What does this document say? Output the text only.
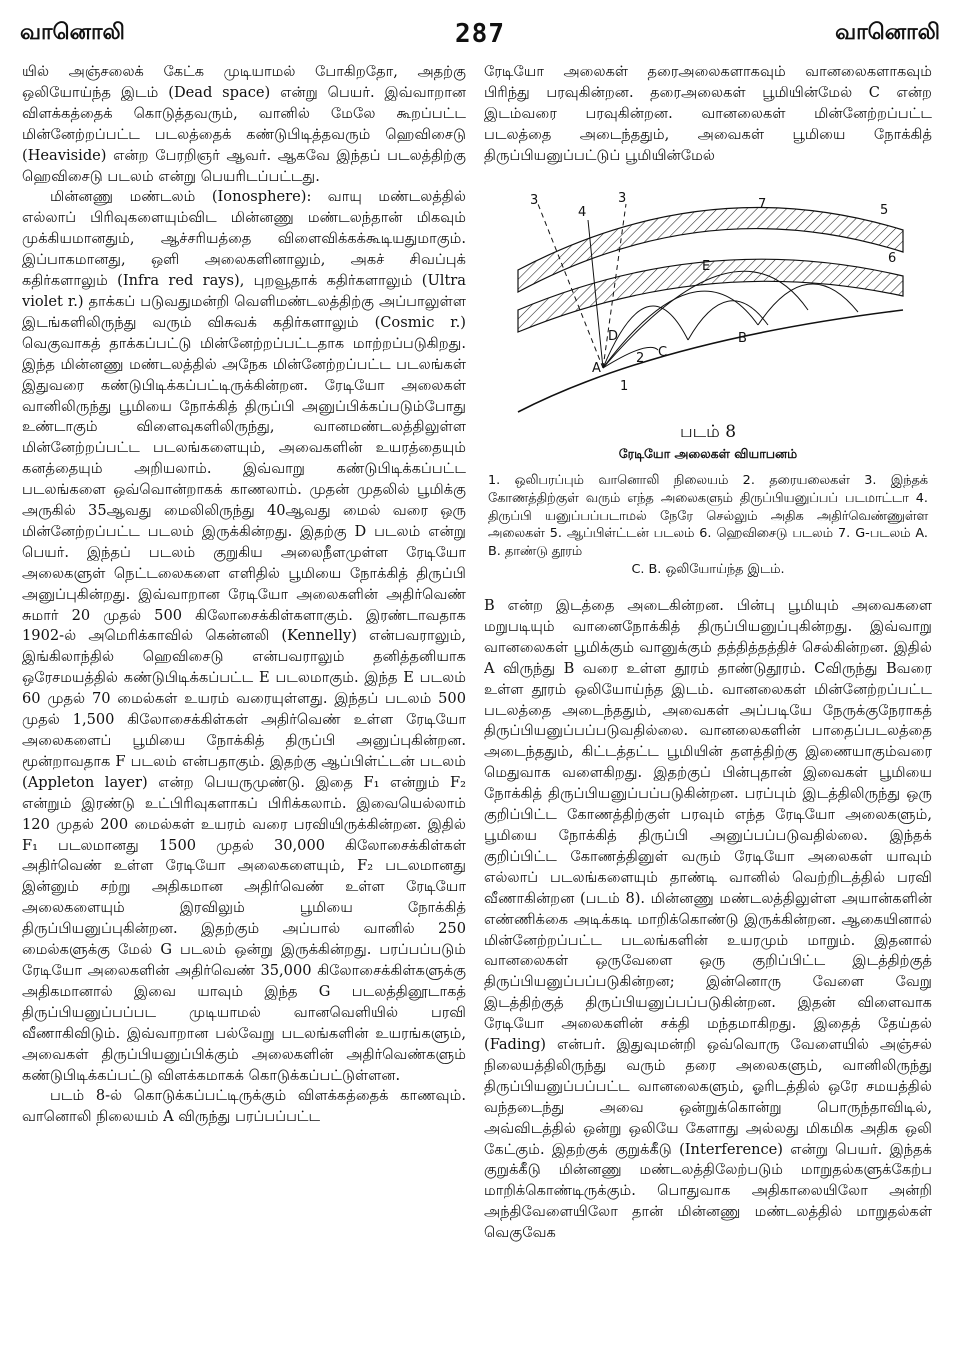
வானொலி	287	வானொலி

யில் அஞ்சலைக் கேட்க முடியாமல் போகிறதோ, அதற்கு ஒலியோய்ந்த இடம் (Dead space) என்று பெயர். இவ்வாறான விளக்கத்தைக் கொடுத்தவரும், வானில் மேலே கூறப்பட்ட மின்னேற்றப்பட்ட படலத்தைக் கண்டுபிடித்தவரும் ஹெவிசைடு (Heaviside) என்ற பேரறிஞர் ஆவர். ஆகவே இந்தப் படலத்திற்கு ஹெவிசைடு படலம் என்று பெயரிடப்பட்டது.

மின்னணு மண்டலம் (Ionosphere): வாயு மண்டலத்தில் எல்லாப் பிரிவுகளையும்விட மின்னணு மண்டலந்தான் மிகவும் முக்கியமானதும், ஆச்சரியத்தை விளைவிக்கக்கூடியதுமாகும். இப்பாகமானது, ஒளி அலைகளினாலும், அகச் சிவப்புக் கதிர்களாலும் (Infra red rays), புறவூதாக் கதிர்களாலும் (Ultra violet r.) தாக்கப் படுவதுமன்றி வெளிமண்டலத்திற்கு அப்பாலுள்ள இடங்களிலிருந்து வரும் விசுவக் கதிர்களாலும் (Cosmic r.) வெகுவாகத் தாக்கப்பட்டு மின்னேற்றப்பட்டதாக மாற்றப்படுகிறது. இந்த மின்னணு மண்டலத்தில் அநேக மின்னேற்றப்பட்ட படலங்கள் இதுவரை கண்டுபிடிக்கப்பட்டிருக்கின்றன. ரேடியோ அலைகள் வானிலிருந்து பூமியை நோக்கித் திருப்பி அனுப்பிக்கப்படும்போது உண்டாகும் விளைவுகளிலிருந்து, வானமண்டலத்திலுள்ள மின்னேற்றப்பட்ட படலங்களையும், அவைகளின் உயரத்தையும் கனத்தையும் அறியலாம். இவ்வாறு கண்டுபிடிக்கப்பட்ட படலங்களை ஒவ்வொன்றாகக் காணலாம். முதன் முதலில் பூமிக்கு அருகில் 35ஆவது மைலிலிருந்து 40ஆவது மைல் வரை ஒரு மின்னேற்றப்பட்ட படலம் இருக்கின்றது. இதற்கு D படலம் என்று பெயர். இந்தப் படலம் குறுகிய அலைநீளமுள்ள ரேடியோ அலைகளுள் நெட்டலைகளை எளிதில் பூமியை நோக்கித் திருப்பி அனுப்புகின்றது. இவ்வாறான ரேடியோ அலைகளின் அதிர்வெண் சுமார் 20 முதல் 500 கிலோசைக்கிள்களாகும். இரண்டாவதாக 1902-ல் அமெரிக்காவில் கென்னலி (Kennelly) என்பவராலும், இங்கிலாந்தில் ஹெவிசைடு என்பவராலும் தனித்தனியாக ஒரேசமயத்தில் கண்டுபிடிக்கப்பட்ட E படலமாகும். இந்த E படலம் 60 முதல் 70 மைல்கள் உயரம் வரையுள்ளது. இந்தப் படலம் 500 முதல் 1,500 கிலோசைக்கிள்கள் அதிர்வெண் உள்ள ரேடியோ அலைகளைப் பூமியை நோக்கித் திருப்பி அனுப்புகின்றன. மூன்றாவதாக F படலம் என்பதாகும். இதற்கு ஆப்பிள்ட்டன் படலம் (Appleton layer) என்ற பெயருமுண்டு. இதை F₁ என்றும் F₂ என்றும் இரண்டு உட்பிரிவுகளாகப் பிரிக்கலாம். இவையெல்லாம் 120 முதல் 200 மைல்கள் உயரம் வரை பரவியிருக்கின்றன. இதில் F₁ படலமானது 1500 முதல் 30,000 கிலோசைக்கிள்கள் அதிர்வெண் உள்ள ரேடியோ அலைகளையும், F₂ படலமானது இன்னும் சற்று அதிகமான அதிர்வெண் உள்ள ரேடியோ அலைகளையும் இரவிலும் பூமியை நோக்கித் திருப்பியனுப்புகின்றன. இதற்கும் அப்பால் வானில் 250 மைல்களுக்கு மேல் G படலம் ஒன்று இருக்கின்றது. பரப்பப்படும் ரேடியோ அலைகளின் அதிர்வெண் 35,000 கிலோசைக்கிள்களுக்கு அதிகமானால் இவை யாவும் இந்த G படலத்தினூடாகத் திருப்பியனுப்பப்பட முடியாமல் வானவெளியில் பரவி வீணாகிவிடும். இவ்வாறான பல்வேறு படலங்களின் உயரங்களும், அவைகள் திருப்பியனுப்பிக்கும் அலைகளின் அதிர்வெண்களும் கண்டுபிடிக்கப்பட்டு விளக்கமாகக் கொடுக்கப்பட்டுள்ளன.

படம் 8-ல் கொடுக்கப்பட்டிருக்கும் விளக்கத்தைக் காணவும். வானொலி நிலையம் A விருந்து பரப்பப்பட்ட

ரேடியோ அலைகள் தரைஅலைகளாகவும் வானலைகளாகவும் பிரிந்து பரவுகின்றன. தரைஅலைகள் பூமியின்மேல் C என்ற இடம்வரை பரவுகின்றன. வானலைகள் மின்னேற்றப்பட்ட படலத்தை அடைந்ததும், அவைகள் பூமியை நோக்கித் திருப்பியனுப்பட்டுப் பூமியின்மேல்

3
4
3	7	5
6
E
D
C
B
A
1
2
படம் 8
ரேடியோ அலைகள் வியாபனம்
1. ஒலிபரப்பும் வானொலி நிலையம் 2. தரையலைகள் 3. இந்தக் கோணத்திற்குள் வரும் எந்த அலைகளும் திருப்பியனுப்பப் படமாட்டா 4. திருப்பி யனுப்பப்படாமல் நேரே செல்லும் அதிக அதிர்வெண்ணுள்ள அலைகள் 5. ஆப்பிள்ட்டன் படலம் 6. ஹெவிசைடு படலம் 7. G-படலம் A. B. தாண்டு தூரம்
C. B. ஒலியோய்ந்த இடம்.

B என்ற இடத்தை அடைகின்றன. பின்பு பூமியும் அவைகளை மறுபடியும் வானைநோக்கித் திருப்பியனுப்புகின்றது. இவ்வாறு வானலைகள் பூமிக்கும் வானுக்கும் தத்தித்தத்திச் செல்கின்றன. இதில் A விருந்து B வரை உள்ள தூரம் தாண்டுதூரம். Cவிருந்து Bவரை உள்ள தூரம் ஒலியோய்ந்த இடம். வானலைகள் மின்னேற்றப்பட்ட படலத்தை அடைந்ததும், அவைகள் அப்படியே நேருக்குநேராகத் திருப்பியனுப்பப்படுவதில்லை. வானலைகளின் பாதைப்படலத்தை அடைந்ததும், கிட்டத்தட்ட பூமியின் தளத்திற்கு இணையாகும்வரை மெதுவாக வளைகிறது. இதற்குப் பின்புதான் இவைகள் பூமியை நோக்கித் திருப்பியனுப்பப்படுகின்றன. பரப்பும் இடத்திலிருந்து ஒரு குறிப்பிட்ட கோணத்திற்குள் பரவும் எந்த ரேடியோ அலைகளும், பூமியை நோக்கித் திருப்பி அனுப்பப்படுவதில்லை. இந்தக் குறிப்பிட்ட கோணத்தினுள் வரும் ரேடியோ அலைகள் யாவும் எல்லாப் படலங்களையும் தாண்டி வானில் வெற்றிடத்தில் பரவி வீணாகின்றன (படம் 8). மின்னணு மண்டலத்திலுள்ள அயான்களின் எண்ணிக்கை அடிக்கடி மாறிக்கொண்டு இருக்கின்றன. ஆகையினால் மின்னேற்றப்பட்ட படலங்களின் உயரமும் மாறும். இதனால் வானலைகள் ஒருவேளை ஒரு குறிப்பிட்ட இடத்திற்குத் திருப்பியனுப்பப்படுகின்றன; இன்னொரு வேளை வேறு இடத்திற்குத் திருப்பியனுப்பப்படுகின்றன. இதன் விளைவாக ரேடியோ அலைகளின் சக்தி மந்தமாகிறது. இதைத் தேய்தல் (Fading) என்பர். இதுவுமன்றி ஒவ்வொரு வேளையில் அஞ்சல் நிலையத்திலிருந்து வரும் தரை அலைகளும், வானிலிருந்து திருப்பியனுப்பப்பட்ட வானலைகளும், ஓரிடத்தில் ஒரே சமயத்தில் வந்தடைந்து அவை ஒன்றுக்கொன்று பொருந்தாவிடில், அவ்விடத்தில் ஒன்று ஒலியே கேளாது அல்லது மிகமிக அதிக ஒலி கேட்கும். இதற்குக் குறுக்கீடு (Interference) என்று பெயர். இந்தக் குறுக்கீடு மின்னணு மண்டலத்திலேற்படும் மாறுதல்களுக்கேற்ப மாறிக்கொண்டிருக்கும். பொதுவாக அதிகாலையிலோ அன்றி அந்திவேளையிலோ தான் மின்னணு மண்டலத்தில் மாறுதல்கள் வெகுவேக
